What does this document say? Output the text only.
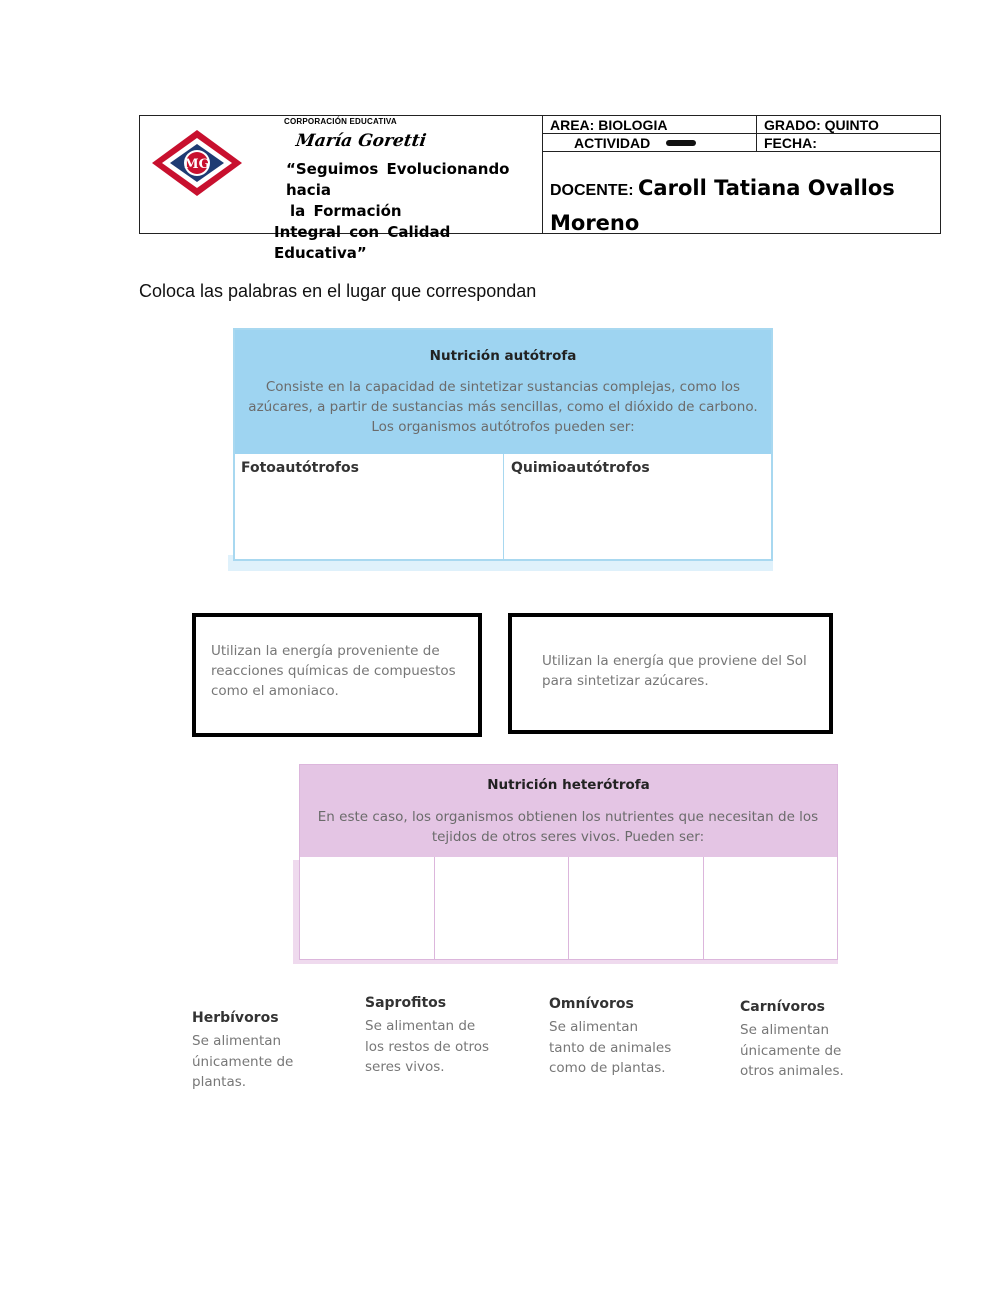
MG
CORPORACIÓN EDUCATIVA
María Goretti
“Seguimos Evolucionando hacia
la Formación
Integral con Calidad Educativa”
AREA: BIOLOGIA	GRADO: QUINTO
ACTIVIDAD	FECHA:
DOCENTE: Caroll Tatiana Ovallos Moreno
Coloca las palabras en el lugar que correspondan
Nutrición autótrofa
Consiste en la capacidad de sintetizar sustancias complejas, como los azúcares, a partir de sustancias más sencillas, como el dióxido de carbono. Los organismos autótrofos pueden ser:
Fotoautótrofos	Quimioautótrofos
Utilizan la energía proveniente de reacciones químicas de compuestos como el amoniaco.
Utilizan la energía que proviene del Sol para sintetizar azúcares.
Nutrición heterótrofa
En este caso, los organismos obtienen los nutrientes que necesitan de los tejidos de otros seres vivos. Pueden ser:
Herbívoros
Se alimentan únicamente de plantas.
Saprofitos
Se alimentan de los restos de otros seres vivos.
Omnívoros
Se alimentan tanto de animales como de plantas.
Carnívoros
Se alimentan únicamente de otros animales.
